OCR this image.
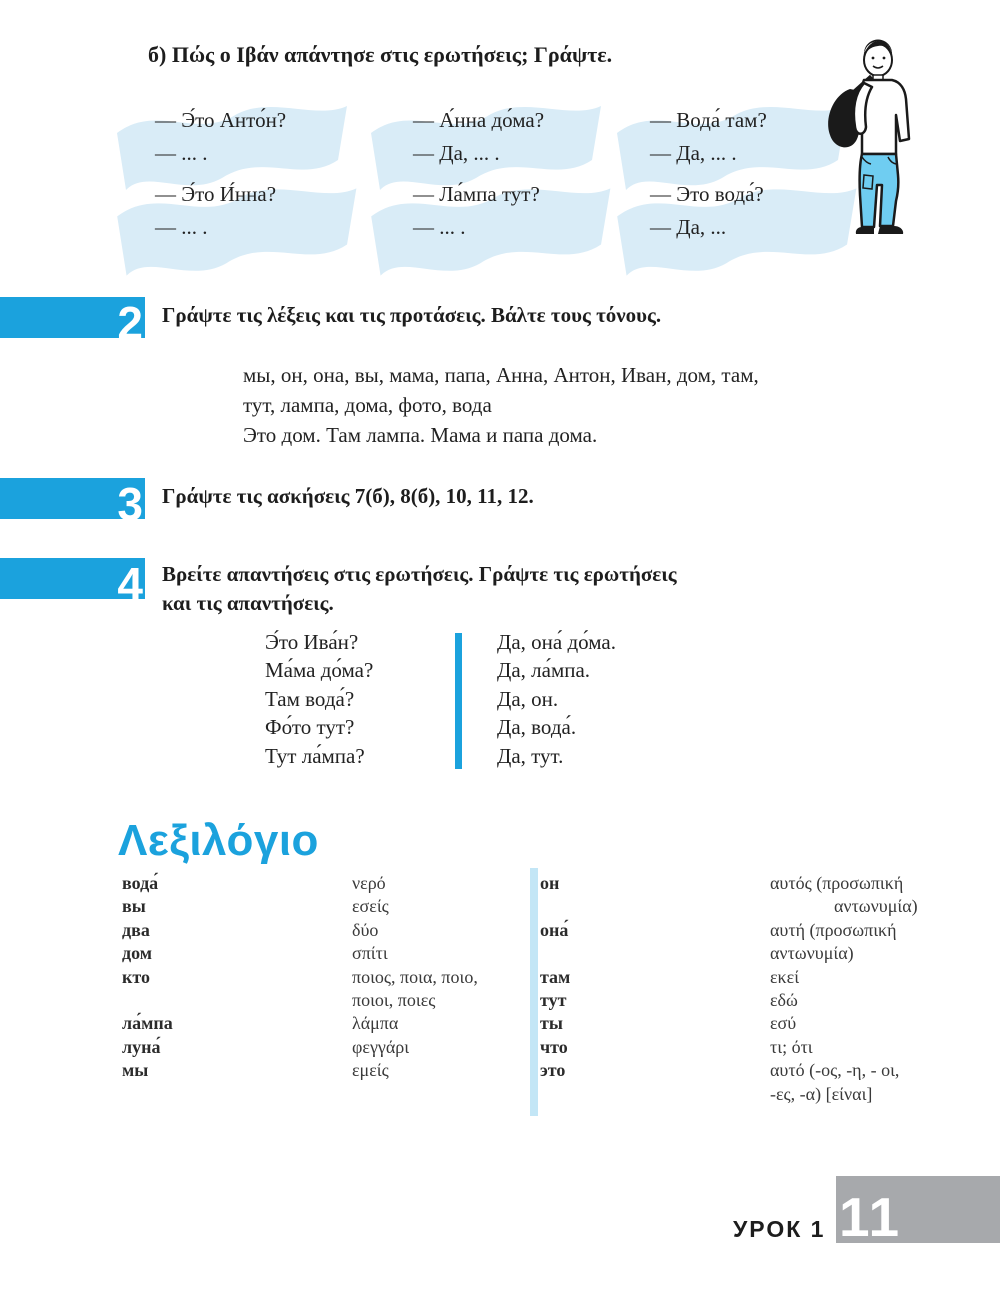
б) Πώς ο Ιβάν απάντησε στις ερωτήσεις; Γράψτε.
— Э́то Анто́н?
— ... .
— А́нна до́ма?
— Да, ... .
— Вода́ там?
— Да, ... .
— Э́то И́нна?
— ... .
— Ла́мпа тут?
— ... .
— Это вода́?
— Да, ...
2 Γράψτε τις λέξεις και τις προτάσεις. Βάλτε τους τόνους.
мы, он, она, вы, мама, папа, Анна, Антон, Иван, дом, там,
тут, лампа, дома, фото, вода
Это дом. Там лампа. Мама и папа дома.
3 Γράψτε τις ασκήσεις 7(б), 8(б), 10, 11, 12.
4 Βρείτε απαντήσεις στις ερωτήσεις. Γράψτε τις ερωτήσεις
και τις απαντήσεις.
Э́то Ива́н?
Ма́ма до́ма?
Там вода́?
Фо́то тут?
Тут ла́мпа?
Да, она́ до́ма.
Да, ла́мпа.
Да, он.
Да, вода́.
Да, тут.
Λεξιλόγιο
вода́
вы
два
дом
кто
ла́мпа
луна́
мы
νερό
εσείς
δύο
σπίτι
ποιος, ποια, ποιο,
ποιοι, ποιες
λάμπα
φεγγάρι
εμείς
он
она́
там
тут
ты
что
это
αυτός (προσωπική
αντωνυμία)
αυτή (προσωπική
αντωνυμία)
εκεί
εδώ
εσύ
τι; ότι
αυτό (-ος, -η, - οι,
-ες, -α) [είναι]
УРОК 1 11
